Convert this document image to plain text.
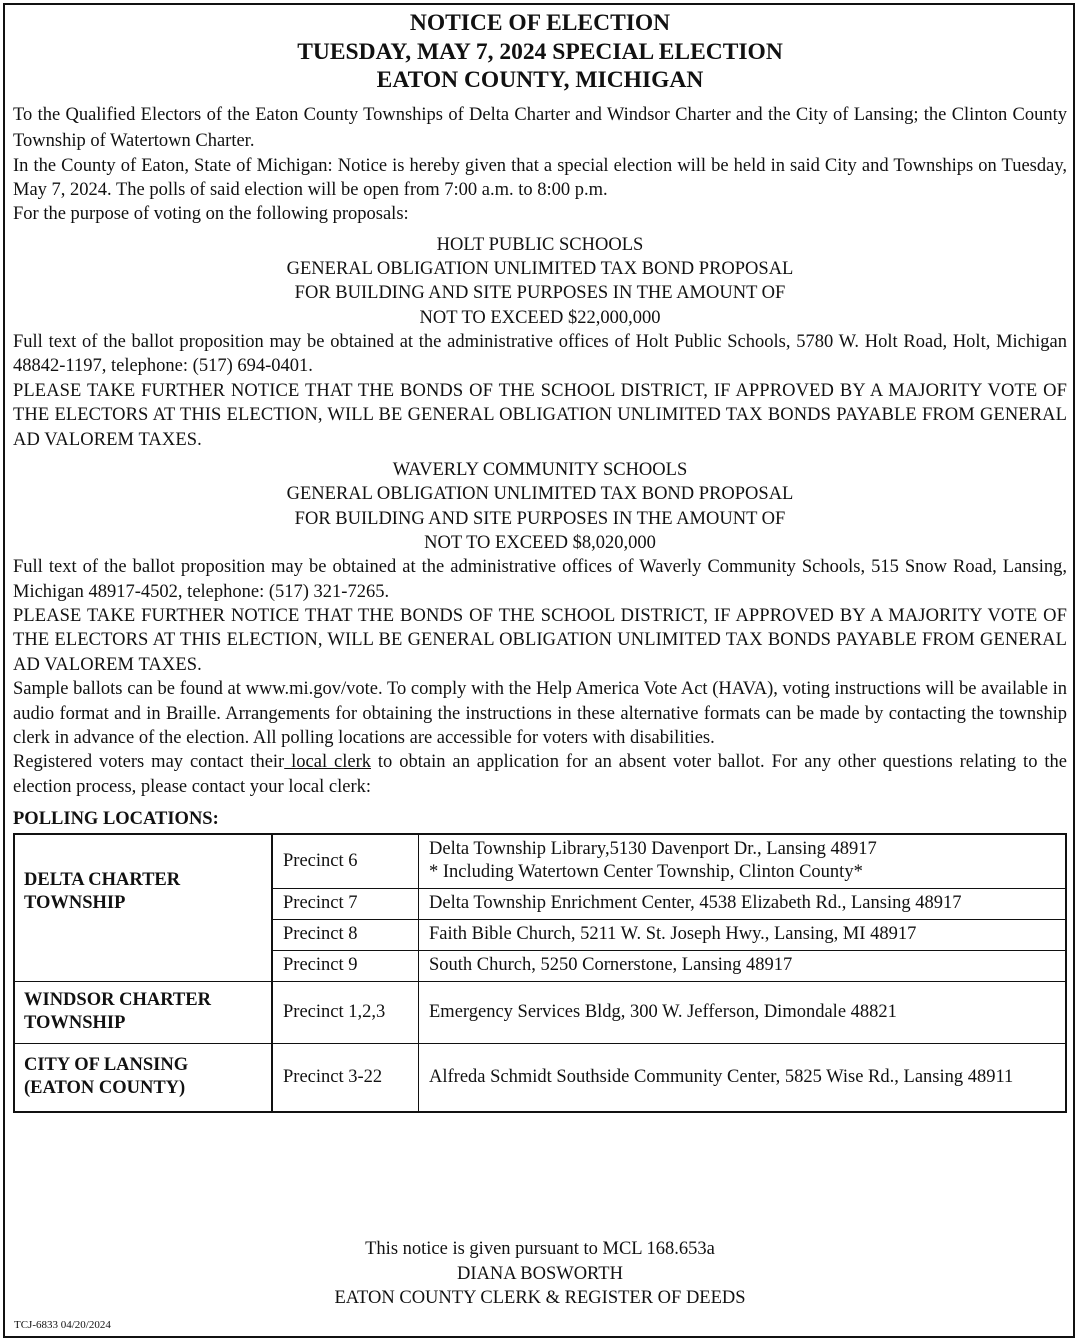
NOTICE OF ELECTION
TUESDAY, MAY 7, 2024 SPECIAL ELECTION
EATON COUNTY, MICHIGAN

To the Qualified Electors of the Eaton County Townships of Delta Charter and Windsor Charter and the City of Lansing; the Clinton County Township of Watertown Charter.

In the County of Eaton, State of Michigan: Notice is hereby given that a special election will be held in said City and Townships on Tuesday, May 7, 2024. The polls of said election will be open from 7:00 a.m. to 8:00 p.m.

For the purpose of voting on the following proposals:

HOLT PUBLIC SCHOOLS
GENERAL OBLIGATION UNLIMITED TAX BOND PROPOSAL
FOR BUILDING AND SITE PURPOSES IN THE AMOUNT OF
NOT TO EXCEED $22,000,000

Full text of the ballot proposition may be obtained at the administrative offices of Holt Public Schools, 5780 W. Holt Road, Holt, Michigan 48842-1197, telephone: (517) 694-0401.

PLEASE TAKE FURTHER NOTICE THAT THE BONDS OF THE SCHOOL DISTRICT, IF APPROVED BY A MAJORITY VOTE OF THE ELECTORS AT THIS ELECTION, WILL BE GENERAL OBLIGATION UNLIMITED TAX BONDS PAYABLE FROM GENERAL AD VALOREM TAXES.

WAVERLY COMMUNITY SCHOOLS
GENERAL OBLIGATION UNLIMITED TAX BOND PROPOSAL
FOR BUILDING AND SITE PURPOSES IN THE AMOUNT OF
NOT TO EXCEED $8,020,000

Full text of the ballot proposition may be obtained at the administrative offices of Waverly Community Schools, 515 Snow Road, Lansing, Michigan 48917-4502, telephone: (517) 321-7265.

PLEASE TAKE FURTHER NOTICE THAT THE BONDS OF THE SCHOOL DISTRICT, IF APPROVED BY A MAJORITY VOTE OF THE ELECTORS AT THIS ELECTION, WILL BE GENERAL OBLIGATION UNLIMITED TAX BONDS PAYABLE FROM GENERAL AD VALOREM TAXES.

Sample ballots can be found at www.mi.gov/vote. To comply with the Help America Vote Act (HAVA), voting instructions will be available in audio format and in Braille. Arrangements for obtaining the instructions in these alternative formats can be made by contacting the township clerk in advance of the election. All polling locations are accessible for voters with disabilities.

Registered voters may contact their local clerk to obtain an application for an absent voter ballot. For any other questions relating to the election process, please contact your local clerk:

POLLING LOCATIONS:
DELTA CHARTER TOWNSHIP	Precinct 6	Delta Township Library,5130 Davenport Dr., Lansing 48917
* Including Watertown Center Township, Clinton County*

	Precinct 7	Delta Township Enrichment Center, 4538 Elizabeth Rd., Lansing 48917
	Precinct 8	Faith Bible Church, 5211 W. St. Joseph Hwy., Lansing, MI 48917
	Precinct 9	South Church, 5250 Cornerstone, Lansing 48917

WINDSOR CHARTER TOWNSHIP	Precinct 1,2,3	Emergency Services Bldg, 300 W. Jefferson, Dimondale 48821

CITY OF LANSING
(EATON COUNTY)	Precinct 3-22	Alfreda Schmidt Southside Community Center, 5825 Wise Rd., Lansing 48911
This notice is given pursuant to MCL 168.653a
DIANA BOSWORTH
EATON COUNTY CLERK & REGISTER OF DEEDS
TCJ-6833 04/20/2024
